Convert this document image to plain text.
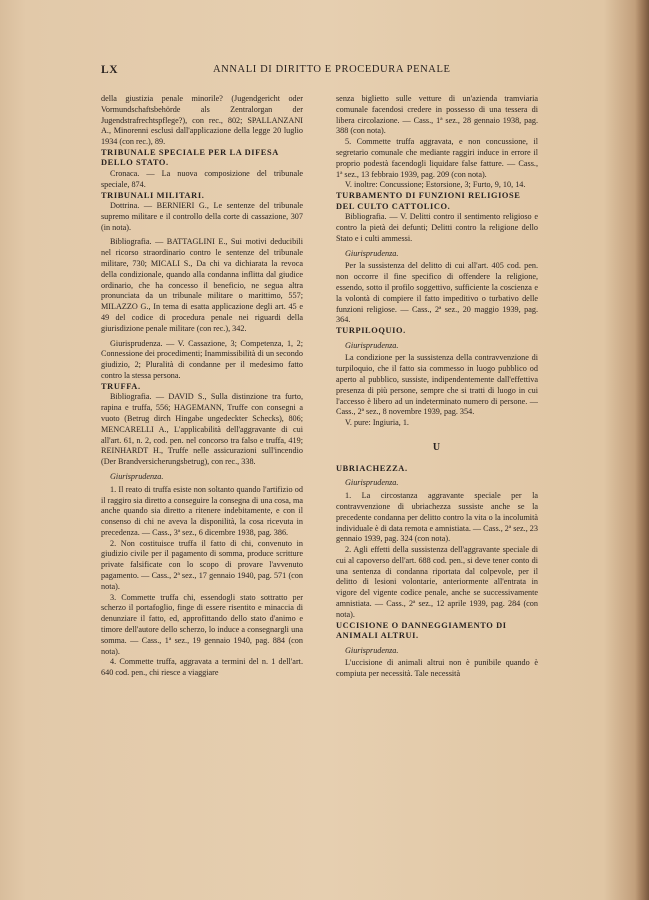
LX	ANNALI DI DIRITTO E PROCEDURA PENALE

della giustizia penale minorile? (Jugendgericht oder Vormundschaftsbehörde als Zentralorgan der Jugendstrafrechtspflege?), con rec., 802; SPALLANZANI A., Minorenni esclusi dall'applicazione della legge 20 luglio 1934 (con rec.), 89.

TRIBUNALE SPECIALE PER LA DIFESA DELLO STATO.

Cronaca. — La nuova composizione del tribunale speciale, 874.

TRIBUNALI MILITARI.

Dottrina. — BERNIERI G., Le sentenze del tribunale supremo militare e il controllo della corte di cassazione, 307 (in nota).

Bibliografia. — BATTAGLINI E., Sui motivi deducibili nel ricorso straordinario contro le sentenze del tribunale militare, 730; MICALI S., Da chi va dichiarata la revoca della condizionale, quando alla condanna inflitta dal giudice ordinario, che ha concesso il beneficio, ne segua altra pronunciata da un tribunale militare o marittimo, 557; MILAZZO G., In tema di esatta applicazione degli art. 45 e 49 del codice di procedura penale nei riguardi della giurisdizione penale militare (con rec.), 342.

Giurisprudenza. — V. Cassazione, 3; Competenza, 1, 2; Connessione dei procedimenti; Inammissibilità di un secondo giudizio, 2; Pluralità di condanne per il medesimo fatto contro la stessa persona.

TRUFFA.

Bibliografia. — DAVID S., Sulla distinzione tra furto, rapina e truffa, 556; HAGEMANN, Truffe con consegni a vuoto (Betrug dirch Hingabe ungedeckter Schecks), 806; MENCARELLI A., L'applicabilità dell'aggravante di cui all'art. 61, n. 2, cod. pen. nel concorso tra falso e truffa, 419; REINHARDT H., Truffe nelle assicurazioni sull'incendio (Der Brandversicherungsbetrug), con rec., 338.

Giurisprudenza.

1. Il reato di truffa esiste non soltanto quando l'artifizio od il raggiro sia diretto a conseguire la consegna di una cosa, ma anche quando sia diretto a ritenere indebitamente, e con il consenso di chi ne aveva la disponilità, la cosa ricevuta in precedenza. — Cass., 3ª sez., 6 dicembre 1938, pag. 386.

2. Non costituisce truffa il fatto di chi, convenuto in giudizio civile per il pagamento di somma, produce scritture private falsificate con lo scopo di provare l'avvenuto pagamento. — Cass., 2ª sez., 17 gennaio 1940, pag. 571 (con nota).

3. Commette truffa chi, essendogli stato sottratto per scherzo il portafoglio, finge di essere risentito e minaccia di denunziare il fatto, ed, approfittando dello stato d'animo e timore dell'autore dello scherzo, lo induce a consegnargli una somma. — Cass., 1ª sez., 19 gennaio 1940, pag. 884 (con nota).

4. Commette truffa, aggravata a termini del n. 1 dell'art. 640 cod. pen., chi riesce a viaggiare

senza biglietto sulle vetture di un'azienda tramviaria comunale facendosi credere in possesso di una tessera di libera circolazione. — Cass., 1ª sez., 28 gennaio 1938, pag. 388 (con nota).

5. Commette truffa aggravata, e non concussione, il segretario comunale che mediante raggiri induce in errore il proprio podestà facendogli liquidare false fatture. — Cass., 1ª sez., 13 febbraio 1939, pag. 209 (con nota).

V. inoltre: Concussione; Estorsione, 3; Furto, 9, 10, 14.

TURBAMENTO DI FUNZIONI RELIGIOSE DEL CULTO CATTOLICO.

Bibliografia. — V. Delitti contro il sentimento religioso e contro la pietà dei defunti; Delitti contro la religione dello Stato e i culti ammessi.

Giurisprudenza.

Per la sussistenza del delitto di cui all'art. 405 cod. pen. non occorre il fine specifico di offendere la religione, essendo, sotto il profilo soggettivo, sufficiente la coscienza e la volontà di compiere il fatto impeditivo o turbativo delle funzioni religiose. — Cass., 2ª sez., 20 maggio 1939, pag. 364.

TURPILOQUIO.

Giurisprudenza.

La condizione per la sussistenza della contravvenzione di turpiloquio, che il fatto sia commesso in luogo pubblico od aperto al pubblico, sussiste, indipendentemente dall'effettiva presenza di più persone, sempre che si tratti di luogo in cui l'accesso è libero ad un indeterminato numero di persone. — Cass., 2ª sez., 8 novembre 1939, pag. 354.

V. pure: Ingiuria, 1.

U

UBRIACHEZZA.

Giurisprudenza.

1. La circostanza aggravante speciale per la contravvenzione di ubriachezza sussiste anche se la precedente condanna per delitto contro la vita o la incolumità individuale è di data remota e amnistiata. — Cass., 2ª sez., 23 gennaio 1939, pag. 324 (con nota).

2. Agli effetti della sussistenza dell'aggravante speciale di cui al capoverso dell'art. 688 cod. pen., si deve tener conto di una sentenza di condanna riportata dal colpevole, per il delitto di lesioni volontarie, anteriormente all'entrata in vigore del vigente codice penale, anche se successivamente amnistiata. — Cass., 2ª sez., 12 aprile 1939, pag. 284 (con nota).

UCCISIONE O DANNEGGIAMENTO DI ANIMALI ALTRUI.

Giurisprudenza.

L'uccisione di animali altrui non è punibile quando è compiuta per necessità. Tale necessità
